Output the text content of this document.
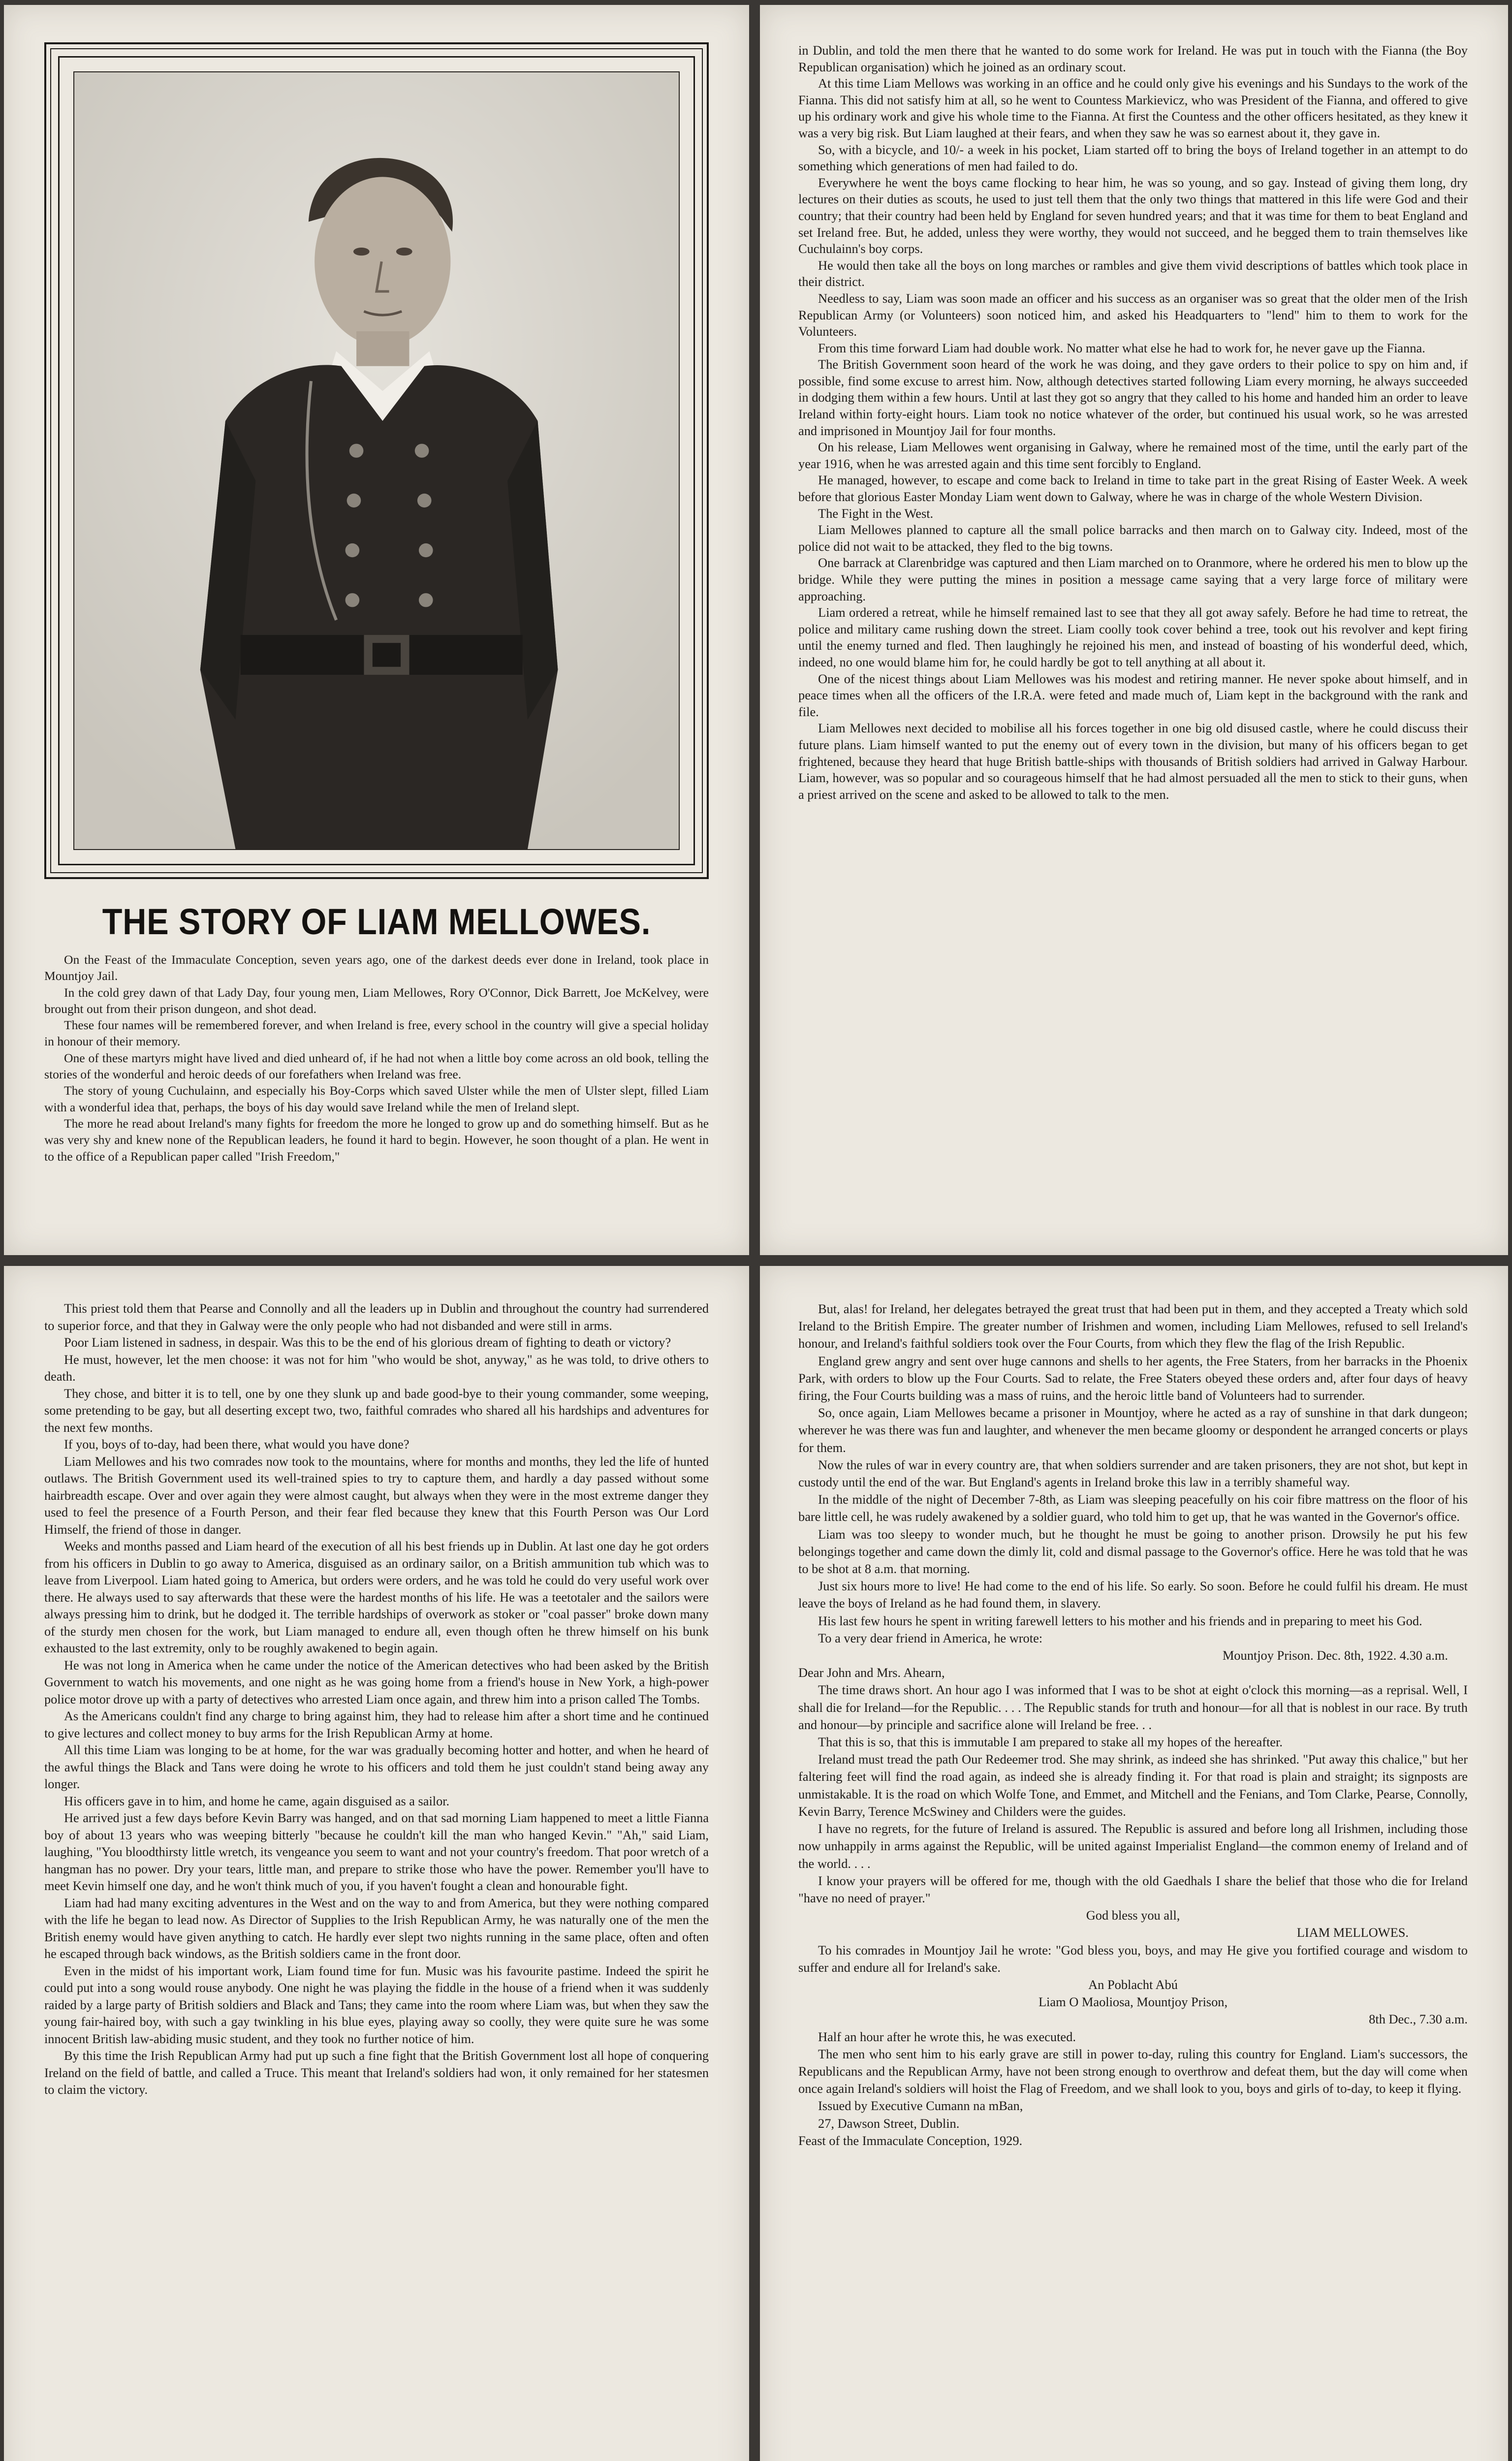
THE STORY OF LIAM MELLOWES.

On the Feast of the Immaculate Conception, seven years ago, one of the darkest deeds ever done in Ireland, took place in Mountjoy Jail.

In the cold grey dawn of that Lady Day, four young men, Liam Mellowes, Rory O'Connor, Dick Barrett, Joe McKelvey, were brought out from their prison dungeon, and shot dead.

These four names will be remembered forever, and when Ireland is free, every school in the country will give a special holiday in honour of their memory.

One of these martyrs might have lived and died unheard of, if he had not when a little boy come across an old book, telling the stories of the wonderful and heroic deeds of our forefathers when Ireland was free.

The story of young Cuchulainn, and especially his Boy-Corps which saved Ulster while the men of Ulster slept, filled Liam with a wonderful idea that, perhaps, the boys of his day would save Ireland while the men of Ireland slept.

The more he read about Ireland's many fights for freedom the more he longed to grow up and do something himself. But as he was very shy and knew none of the Republican leaders, he found it hard to begin. However, he soon thought of a plan. He went in to the office of a Republican paper called "Irish Freedom,"

in Dublin, and told the men there that he wanted to do some work for Ireland. He was put in touch with the Fianna (the Boy Republican organisation) which he joined as an ordinary scout.

At this time Liam Mellows was working in an office and he could only give his evenings and his Sundays to the work of the Fianna. This did not satisfy him at all, so he went to Countess Markievicz, who was President of the Fianna, and offered to give up his ordinary work and give his whole time to the Fianna. At first the Countess and the other officers hesitated, as they knew it was a very big risk. But Liam laughed at their fears, and when they saw he was so earnest about it, they gave in.

So, with a bicycle, and 10/- a week in his pocket, Liam started off to bring the boys of Ireland together in an attempt to do something which generations of men had failed to do.

Everywhere he went the boys came flocking to hear him, he was so young, and so gay. Instead of giving them long, dry lectures on their duties as scouts, he used to just tell them that the only two things that mattered in this life were God and their country; that their country had been held by England for seven hundred years; and that it was time for them to beat England and set Ireland free. But, he added, unless they were worthy, they would not succeed, and he begged them to train themselves like Cuchulainn's boy corps.

He would then take all the boys on long marches or rambles and give them vivid descriptions of battles which took place in their district.

Needless to say, Liam was soon made an officer and his success as an organiser was so great that the older men of the Irish Republican Army (or Volunteers) soon noticed him, and asked his Headquarters to "lend" him to them to work for the Volunteers.

From this time forward Liam had double work. No matter what else he had to work for, he never gave up the Fianna.

The British Government soon heard of the work he was doing, and they gave orders to their police to spy on him and, if possible, find some excuse to arrest him. Now, although detectives started following Liam every morning, he always succeeded in dodging them within a few hours. Until at last they got so angry that they called to his home and handed him an order to leave Ireland within forty-eight hours. Liam took no notice whatever of the order, but continued his usual work, so he was arrested and imprisoned in Mountjoy Jail for four months.

On his release, Liam Mellowes went organising in Galway, where he remained most of the time, until the early part of the year 1916, when he was arrested again and this time sent forcibly to England.

He managed, however, to escape and come back to Ireland in time to take part in the great Rising of Easter Week. A week before that glorious Easter Monday Liam went down to Galway, where he was in charge of the whole Western Division.

The Fight in the West.

Liam Mellowes planned to capture all the small police barracks and then march on to Galway city. Indeed, most of the police did not wait to be attacked, they fled to the big towns.

One barrack at Clarenbridge was captured and then Liam marched on to Oranmore, where he ordered his men to blow up the bridge. While they were putting the mines in position a message came saying that a very large force of military were approaching.

Liam ordered a retreat, while he himself remained last to see that they all got away safely. Before he had time to retreat, the police and military came rushing down the street. Liam coolly took cover behind a tree, took out his revolver and kept firing until the enemy turned and fled. Then laughingly he rejoined his men, and instead of boasting of his wonderful deed, which, indeed, no one would blame him for, he could hardly be got to tell anything at all about it.

One of the nicest things about Liam Mellowes was his modest and retiring manner. He never spoke about himself, and in peace times when all the officers of the I.R.A. were feted and made much of, Liam kept in the background with the rank and file.

Liam Mellowes next decided to mobilise all his forces together in one big old disused castle, where he could discuss their future plans. Liam himself wanted to put the enemy out of every town in the division, but many of his officers began to get frightened, because they heard that huge British battle-ships with thousands of British soldiers had arrived in Galway Harbour. Liam, however, was so popular and so courageous himself that he had almost persuaded all the men to stick to their guns, when a priest arrived on the scene and asked to be allowed to talk to the men.

This priest told them that Pearse and Connolly and all the leaders up in Dublin and throughout the country had surrendered to superior force, and that they in Galway were the only people who had not disbanded and were still in arms.

Poor Liam listened in sadness, in despair. Was this to be the end of his glorious dream of fighting to death or victory?

He must, however, let the men choose: it was not for him "who would be shot, anyway," as he was told, to drive others to death.

They chose, and bitter it is to tell, one by one they slunk up and bade good-bye to their young commander, some weeping, some pretending to be gay, but all deserting except two, two, faithful comrades who shared all his hardships and adventures for the next few months.

If you, boys of to-day, had been there, what would you have done?

Liam Mellowes and his two comrades now took to the mountains, where for months and months, they led the life of hunted outlaws. The British Government used its well-trained spies to try to capture them, and hardly a day passed without some hairbreadth escape. Over and over again they were almost caught, but always when they were in the most extreme danger they used to feel the presence of a Fourth Person, and their fear fled because they knew that this Fourth Person was Our Lord Himself, the friend of those in danger.

Weeks and months passed and Liam heard of the execution of all his best friends up in Dublin. At last one day he got orders from his officers in Dublin to go away to America, disguised as an ordinary sailor, on a British ammunition tub which was to leave from Liverpool. Liam hated going to America, but orders were orders, and he was told he could do very useful work over there. He always used to say afterwards that these were the hardest months of his life. He was a teetotaler and the sailors were always pressing him to drink, but he dodged it. The terrible hardships of overwork as stoker or "coal passer" broke down many of the sturdy men chosen for the work, but Liam managed to endure all, even though often he threw himself on his bunk exhausted to the last extremity, only to be roughly awakened to begin again.

He was not long in America when he came under the notice of the American detectives who had been asked by the British Government to watch his movements, and one night as he was going home from a friend's house in New York, a high-power police motor drove up with a party of detectives who arrested Liam once again, and threw him into a prison called The Tombs.

As the Americans couldn't find any charge to bring against him, they had to release him after a short time and he continued to give lectures and collect money to buy arms for the Irish Republican Army at home.

All this time Liam was longing to be at home, for the war was gradually becoming hotter and hotter, and when he heard of the awful things the Black and Tans were doing he wrote to his officers and told them he just couldn't stand being away any longer.

His officers gave in to him, and home he came, again disguised as a sailor.

He arrived just a few days before Kevin Barry was hanged, and on that sad morning Liam happened to meet a little Fianna boy of about 13 years who was weeping bitterly "because he couldn't kill the man who hanged Kevin." "Ah," said Liam, laughing, "You bloodthirsty little wretch, its vengeance you seem to want and not your country's freedom. That poor wretch of a hangman has no power. Dry your tears, little man, and prepare to strike those who have the power. Remember you'll have to meet Kevin himself one day, and he won't think much of you, if you haven't fought a clean and honourable fight.

Liam had had many exciting adventures in the West and on the way to and from America, but they were nothing compared with the life he began to lead now. As Director of Supplies to the Irish Republican Army, he was naturally one of the men the British enemy would have given anything to catch. He hardly ever slept two nights running in the same place, often and often he escaped through back windows, as the British soldiers came in the front door.

Even in the midst of his important work, Liam found time for fun. Music was his favourite pastime. Indeed the spirit he could put into a song would rouse anybody. One night he was playing the fiddle in the house of a friend when it was suddenly raided by a large party of British soldiers and Black and Tans; they came into the room where Liam was, but when they saw the young fair-haired boy, with such a gay twinkling in his blue eyes, playing away so coolly, they were quite sure he was some innocent British law-abiding music student, and they took no further notice of him.

By this time the Irish Republican Army had put up such a fine fight that the British Government lost all hope of conquering Ireland on the field of battle, and called a Truce. This meant that Ireland's soldiers had won, it only remained for her statesmen to claim the victory.

But, alas! for Ireland, her delegates betrayed the great trust that had been put in them, and they accepted a Treaty which sold Ireland to the British Empire. The greater number of Irishmen and women, including Liam Mellowes, refused to sell Ireland's honour, and Ireland's faithful soldiers took over the Four Courts, from which they flew the flag of the Irish Republic.

England grew angry and sent over huge cannons and shells to her agents, the Free Staters, from her barracks in the Phoenix Park, with orders to blow up the Four Courts. Sad to relate, the Free Staters obeyed these orders and, after four days of heavy firing, the Four Courts building was a mass of ruins, and the heroic little band of Volunteers had to surrender.

So, once again, Liam Mellowes became a prisoner in Mountjoy, where he acted as a ray of sunshine in that dark dungeon; wherever he was there was fun and laughter, and whenever the men became gloomy or despondent he arranged concerts or plays for them.

Now the rules of war in every country are, that when soldiers surrender and are taken prisoners, they are not shot, but kept in custody until the end of the war. But England's agents in Ireland broke this law in a terribly shameful way.

In the middle of the night of December 7-8th, as Liam was sleeping peacefully on his coir fibre mattress on the floor of his bare little cell, he was rudely awakened by a soldier guard, who told him to get up, that he was wanted in the Governor's office.

Liam was too sleepy to wonder much, but he thought he must be going to another prison. Drowsily he put his few belongings together and came down the dimly lit, cold and dismal passage to the Governor's office. Here he was told that he was to be shot at 8 a.m. that morning.

Just six hours more to live! He had come to the end of his life. So early. So soon. Before he could fulfil his dream. He must leave the boys of Ireland as he had found them, in slavery.

His last few hours he spent in writing farewell letters to his mother and his friends and in preparing to meet his God.

To a very dear friend in America, he wrote:

Mountjoy Prison. Dec. 8th, 1922. 4.30 a.m.

Dear John and Mrs. Ahearn,

The time draws short. An hour ago I was informed that I was to be shot at eight o'clock this morning—as a reprisal. Well, I shall die for Ireland—for the Republic. . . . The Republic stands for truth and honour—for all that is noblest in our race. By truth and honour—by principle and sacrifice alone will Ireland be free. . .

That this is so, that this is immutable I am prepared to stake all my hopes of the hereafter.

Ireland must tread the path Our Redeemer trod. She may shrink, as indeed she has shrinked. "Put away this chalice," but her faltering feet will find the road again, as indeed she is already finding it. For that road is plain and straight; its signposts are unmistakable. It is the road on which Wolfe Tone, and Emmet, and Mitchell and the Fenians, and Tom Clarke, Pearse, Connolly, Kevin Barry, Terence McSwiney and Childers were the guides.

I have no regrets, for the future of Ireland is assured. The Republic is assured and before long all Irishmen, including those now unhappily in arms against the Republic, will be united against Imperialist England—the common enemy of Ireland and of the world. . . .

I know your prayers will be offered for me, though with the old Gaedhals I share the belief that those who die for Ireland "have no need of prayer."

God bless you all,

LIAM MELLOWES.

To his comrades in Mountjoy Jail he wrote: "God bless you, boys, and may He give you fortified courage and wisdom to suffer and endure all for Ireland's sake.

An Poblacht Abú

Liam O Maoliosa, Mountjoy Prison,

8th Dec., 7.30 a.m.

Half an hour after he wrote this, he was executed.

The men who sent him to his early grave are still in power to-day, ruling this country for England. Liam's successors, the Republicans and the Republican Army, have not been strong enough to overthrow and defeat them, but the day will come when once again Ireland's soldiers will hoist the Flag of Freedom, and we shall look to you, boys and girls of to-day, to keep it flying.

Issued by Executive Cumann na mBan,

27, Dawson Street, Dublin.

Feast of the Immaculate Conception, 1929.
